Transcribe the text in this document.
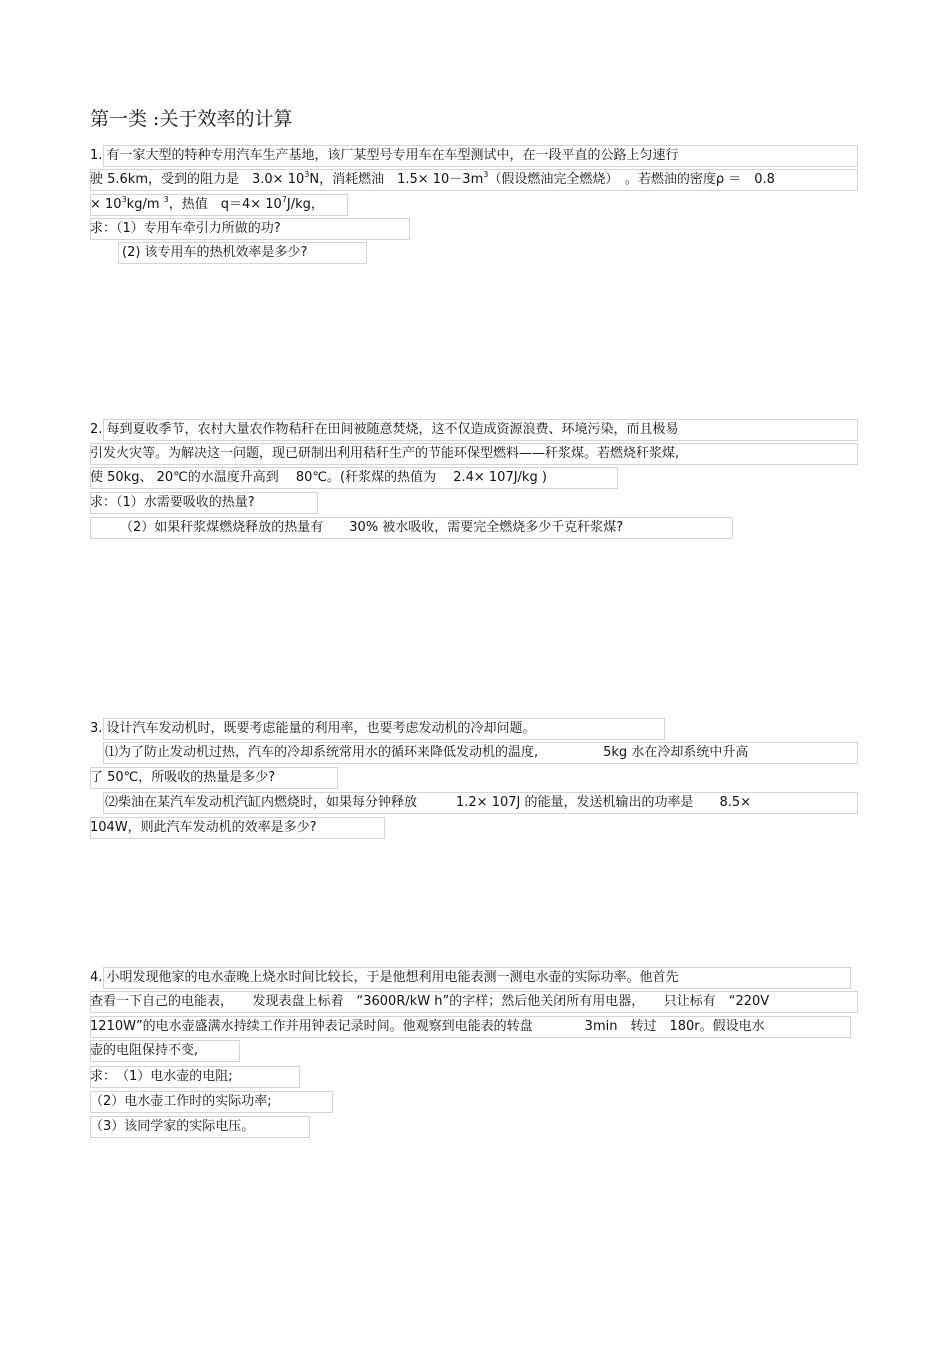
第一类 :关于效率的计算
1. 有一家大型的特种专用汽车生产基地，该厂某型号专用车在车型测试中，在一段平直的公路上匀速行
驶 5.6km，受到的阻力是　$3.0\times 10^3N$，消耗燃油　$1.5\times 10-3m^3$（假设燃油完全燃烧）　。若燃油的密度ρ ＝　0.8
× $10^3kg/m$ $^3$，热值　$q=4\times 10^7J/kg$，
求：（1）专用车牵引力所做的功?
(2) 该专用车的热机效率是多少?
2. 每到夏收季节，农村大量农作物秸秆在田间被随意焚烧，这不仅造成资源浪费、环境污染，而且极易
引发火灾等。为解决这一问题，现已研制出利用秸秆生产的节能环保型燃料——秆浆煤。若燃烧秆浆煤,
使 50kg、 20℃的水温度升高到　 80℃。(秆浆煤的热值为　 2.4× 107J/kg )
求：（1）水需要吸收的热量?
（2）如果秆浆煤燃烧释放的热量有　　30% 被水吸收，需要完全燃烧多少千克秆浆煤?
3. 设计汽车发动机时，既要考虑能量的利用率，也要考虑发动机的冷却问题。
⑴为了防止发动机过热，汽车的冷却系统常用水的循环来降低发动机的温度,　　　　　5kg 水在冷却系统中升高
了 50℃，所吸收的热量是多少?
⑵柴油在某汽车发动机汽缸内燃烧时，如果每分钟释放　　　1.2× 107J 的能量，发送机输出的功率是　　8.5×
104W，则此汽车发动机的效率是多少?
4. 小明发现他家的电水壶晚上烧水时间比较长，于是他想利用电能表测一测电水壶的实际功率。他首先
查看一下自己的电能表，　　发现表盘上标着　“3600R/kW h”的字样；然后他关闭所有用电器，　　只让标有　“220V
1210W”的电水壶盛满水持续工作并用钟表记录时间。他观察到电能表的转盘　　　　3min　转过　180r。假设电水
壶的电阻保持不变,
求：　（1）电水壶的电阻;
（2）电水壶工作时的实际功率;
（3）该同学家的实际电压。
